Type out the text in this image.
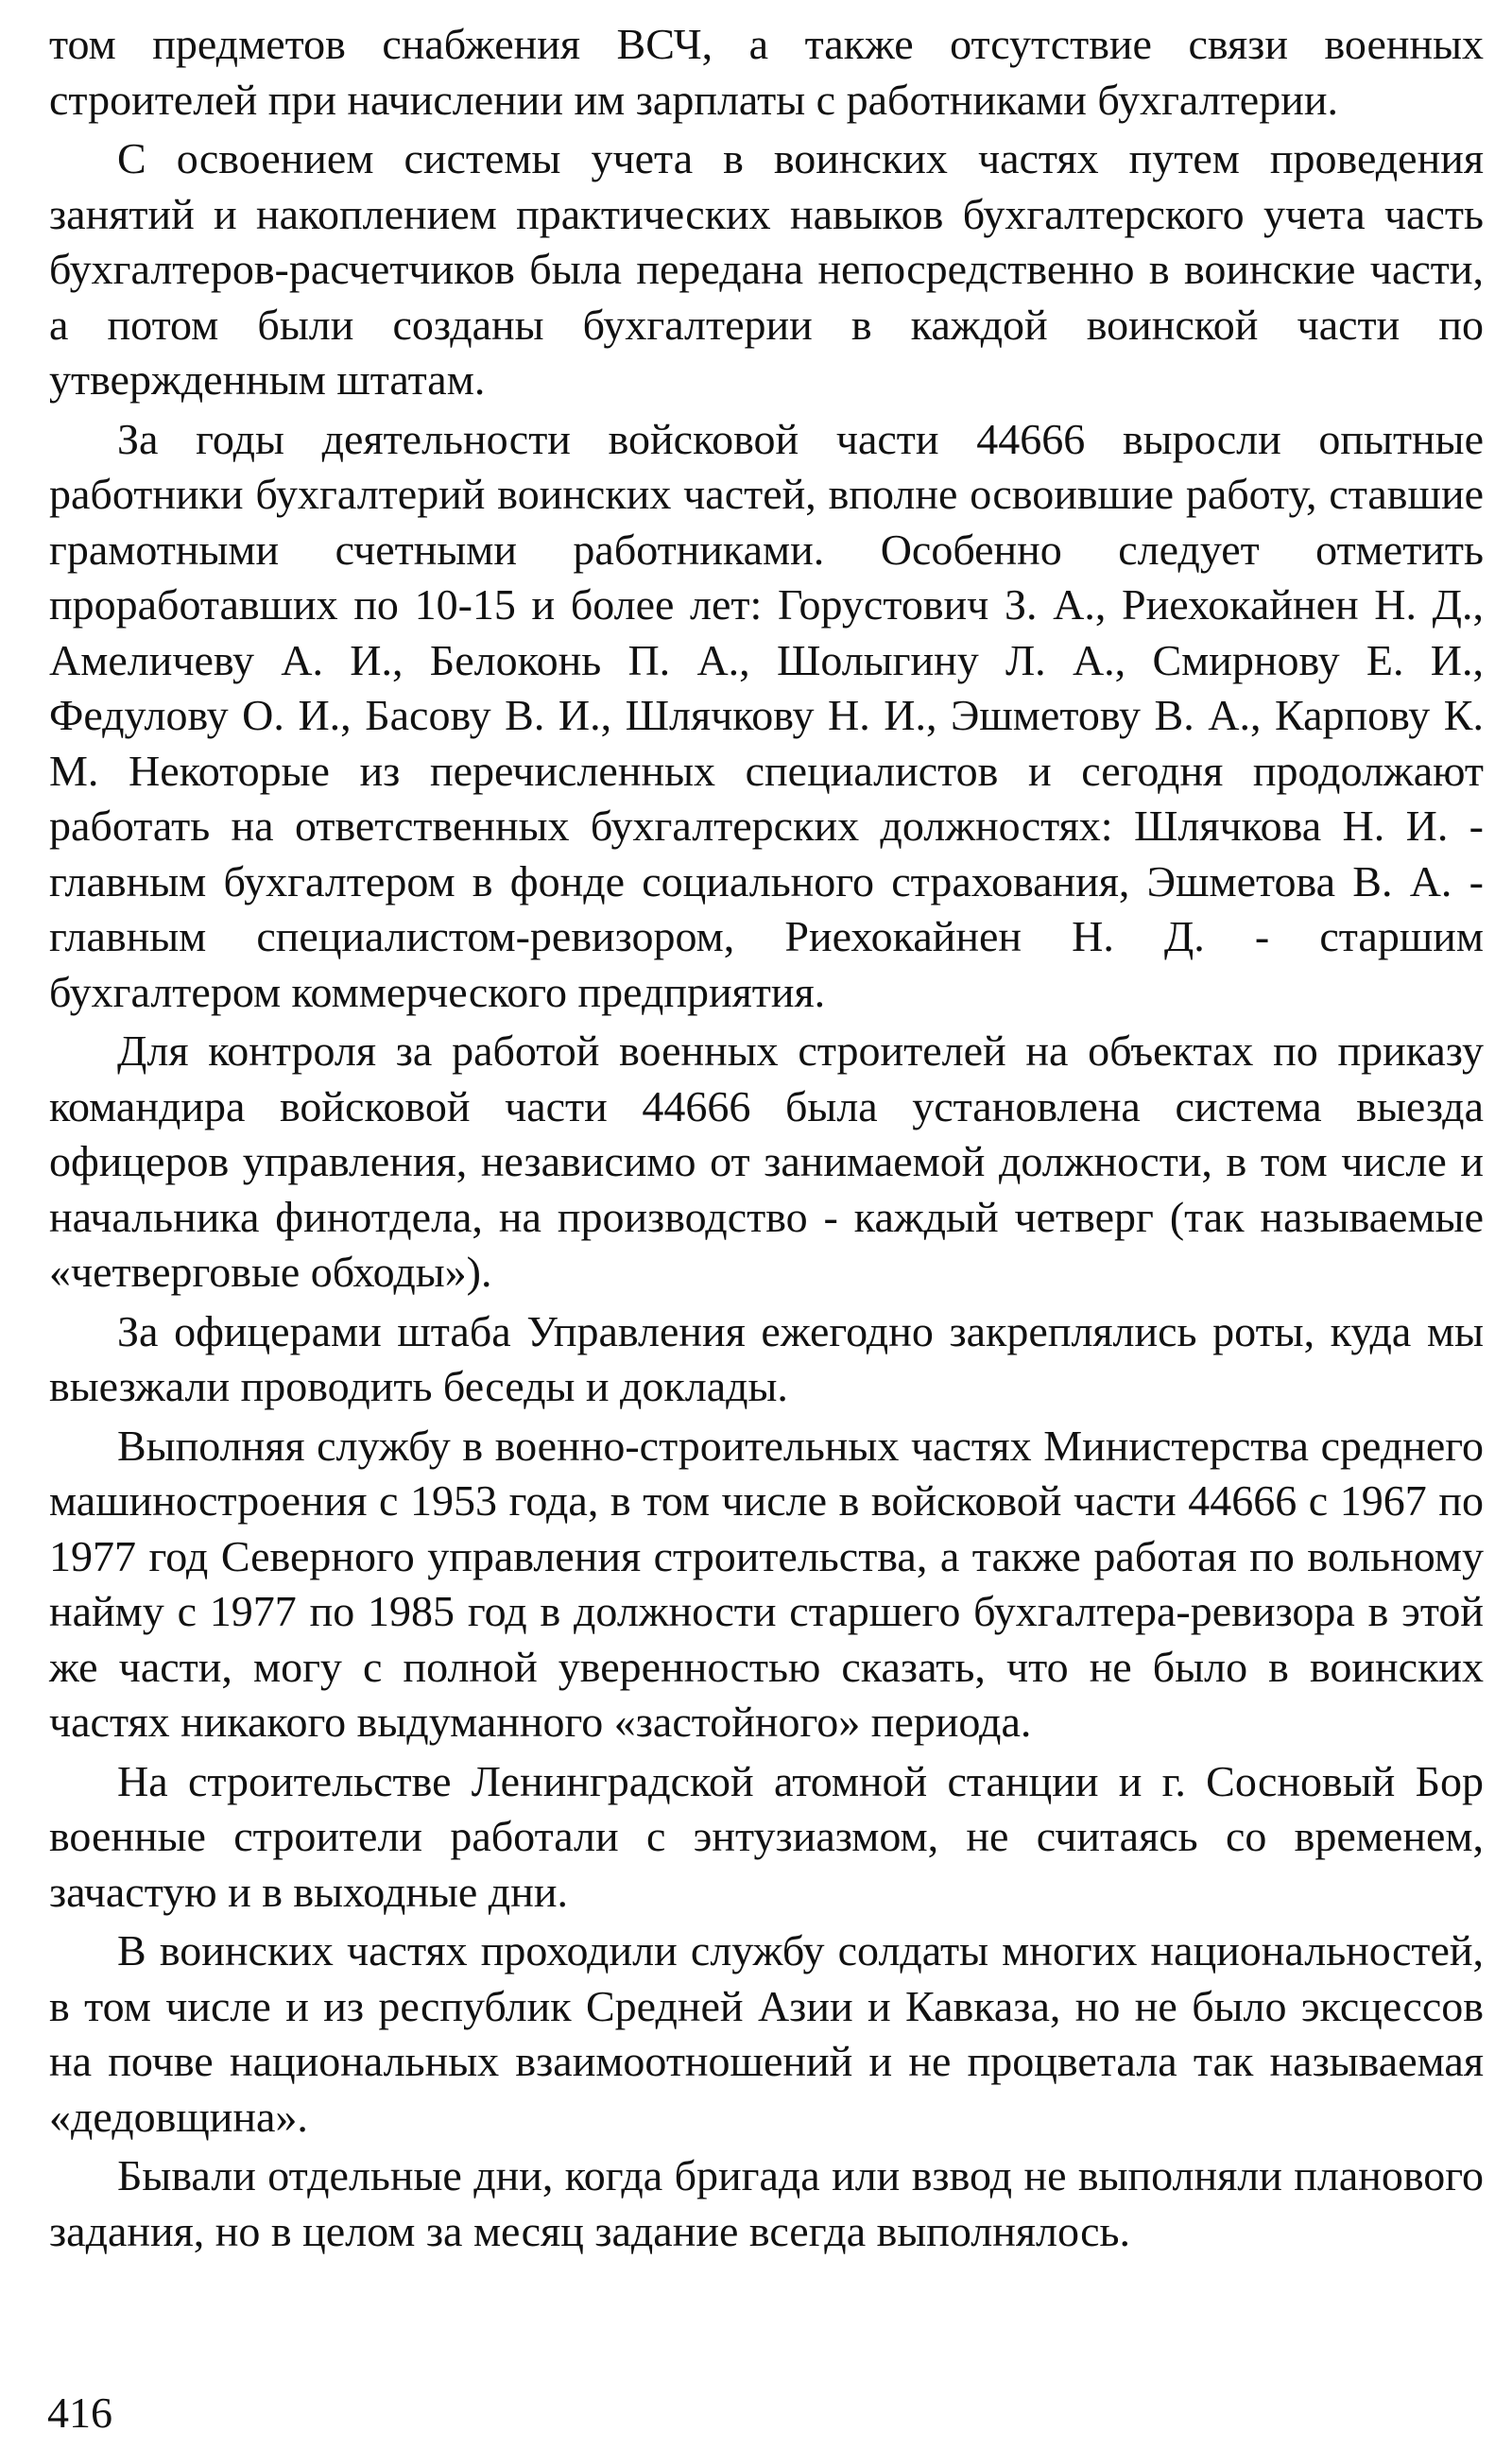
том предметов снабжения ВСЧ, а также отсутствие связи военных строителей при начислении им зарплаты с работниками бухгалтерии.

С освоением системы учета в воинских частях путем проведения занятий и накоплением практических навыков бухгалтерского учета часть бухгалтеров-расчетчиков была передана непосредственно в воинские части, а потом были созданы бухгалтерии в каждой воинской части по утвержденным штатам.

За годы деятельности войсковой части 44666 выросли опытные работники бухгалтерий воинских частей, вполне освоившие работу, ставшие грамотными счетными работниками. Особенно следует отметить проработавших по 10-15 и более лет: Горустович З. А., Риехокайнен Н. Д., Амеличеву А. И., Белоконь П. А., Шолыгину Л. А., Смирнову Е. И., Федулову О. И., Басову В. И., Шлячкову Н. И., Эшметову В. А., Карпову К. М. Некоторые из перечисленных специалистов и сегодня продолжают работать на ответственных бухгалтерских должностях: Шлячкова Н. И. - главным бухгалтером в фонде социального страхования, Эшметова В. А. - главным специалистом-ревизором, Риехокайнен Н. Д. - старшим бухгалтером коммерческого предприятия.

Для контроля за работой военных строителей на объектах по приказу командира войсковой части 44666 была установлена система выезда офицеров управления, независимо от занимаемой должности, в том числе и начальника финотдела, на производство - каждый четверг (так называемые «четверговые обходы»).

За офицерами штаба Управления ежегодно закреплялись роты, куда мы выезжали проводить беседы и доклады.

Выполняя службу в военно-строительных частях Министерства среднего машиностроения с 1953 года, в том числе в войсковой части 44666 с 1967 по 1977 год Северного управления строительства, а также работая по вольному найму с 1977 по 1985 год в должности старшего бухгалтера-ревизора в этой же части, могу с полной уверенностью сказать, что не было в воинских частях никакого выдуманного «застойного» периода.

На строительстве Ленинградской атомной станции и г. Сосновый Бор военные строители работали с энтузиазмом, не считаясь со временем, зачастую и в выходные дни.

В воинских частях проходили службу солдаты многих национальностей, в том числе и из республик Средней Азии и Кавказа, но не было эксцессов на почве национальных взаимоотношений и не процветала так называемая «дедовщина».

Бывали отдельные дни, когда бригада или взвод не выполняли планового задания, но в целом за месяц задание всегда выполнялось.

416
